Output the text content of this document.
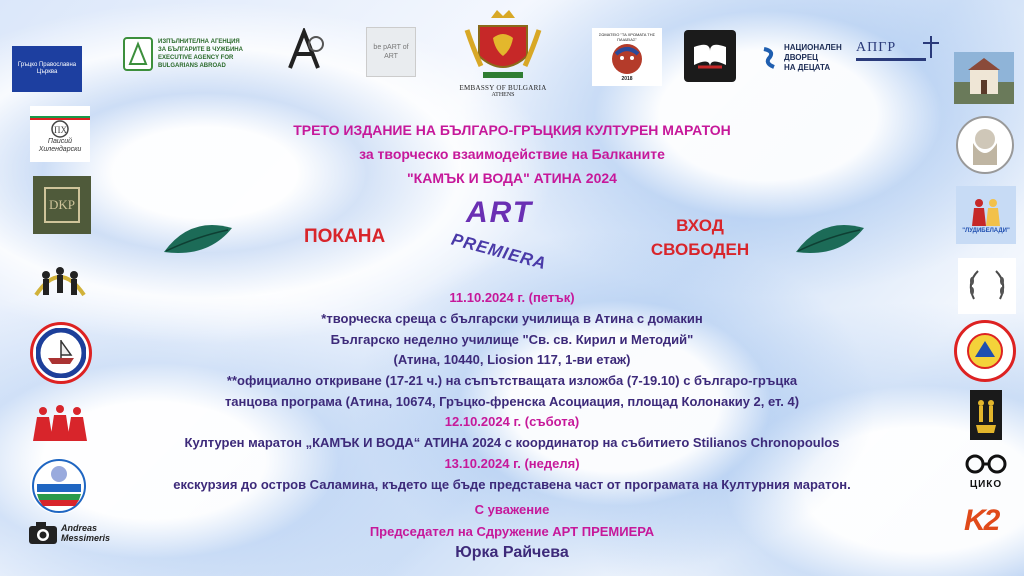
Гръцко Православна Църква
ИЗПЪЛНИТЕЛНА АГЕНЦИЯ
ЗА БЪЛГАРИТЕ В ЧУЖБИНА
EXECUTIVE AGENCY FOR
BULGARIANS ABROAD
be pART of ART
EMBASSY OF BULGARIA
ATHENS
ΣΩΜΑΤΕΙΟ "ΤΑ ΧΡΩΜΑΤΑ ΤΗΣ ΠΑΙΔΕΙΑΣ"
2018
НАЦИОНАЛЕН
ДВОРЕЦ
НА ДЕЦАТА
АПГР
ПХ
Паисий Хилендарски
DKP
Andreas
Messimeris
"ЛУДИБЕЛАДИ"
ЦИКО
K2
ТРЕТО ИЗДАНИЕ НА БЪЛГАРО-ГРЪЦКИЯ КУЛТУРЕН МАРАТОН
за творческо взаимодействие на Балканите
"КАМЪК И ВОДА" АТИНА 2024
ПОКАНА
ART
PREMIERA
ВХОД
СВОБОДЕН
11.10.2024 г. (петък)
*творческа среща с български училища в Атина с домакин
Българско неделно училище "Св. св. Кирил и Методий"
(Атина, 10440, Liosion 117, 1-ви етаж)
**официално откриване (17-21 ч.) на съпътстващата изложба (7-19.10) с българо-гръцка
танцова програма (Атина, 10674, Гръцко-френска Асоциация, площад Колонакиу 2, ет. 4)
12.10.2024 г. (събота)
Културен маратон „КАМЪК И ВОДА“ АТИНА 2024 с координатор на събитието Stilianos Chronopoulos
13.10.2024 г. (неделя)
екскурзия до остров Саламина, където ще бъде представена част от програмата на Културния маратон.
С уважение
Председател на Сдружение АРТ ПРЕМИЕРА
Юрка Райчева
